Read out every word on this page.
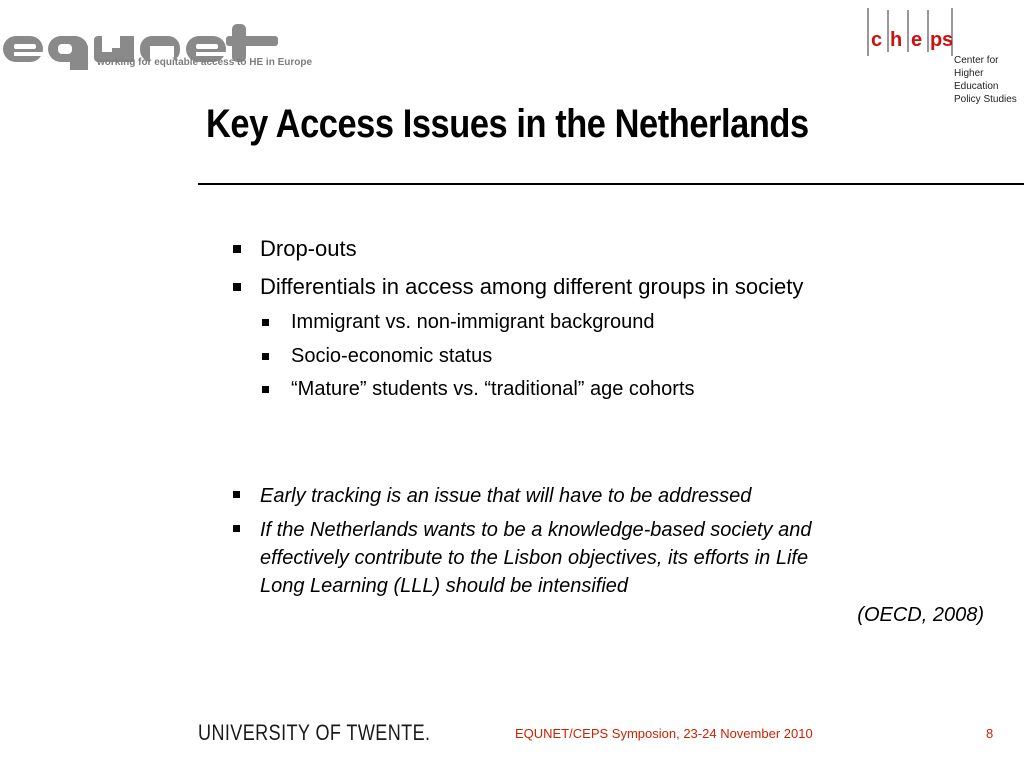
working for equitable access to HE in Europe
c h e p s
Center for
Higher Education
Policy Studies
Key Access Issues in the Netherlands
Drop-outs
Differentials in access among different groups in society
Immigrant vs. non-immigrant background
Socio-economic status
“Mature” students vs. “traditional” age cohorts
Early tracking is an issue that will have to be addressed
If the Netherlands wants to be a knowledge-based society and
effectively contribute to the Lisbon objectives, its efforts in Life
Long Learning (LLL) should be intensified
(OECD, 2008)
UNIVERSITY OF TWENTE.	EQUNET/CEPS Symposion, 23-24 November 2010	8
